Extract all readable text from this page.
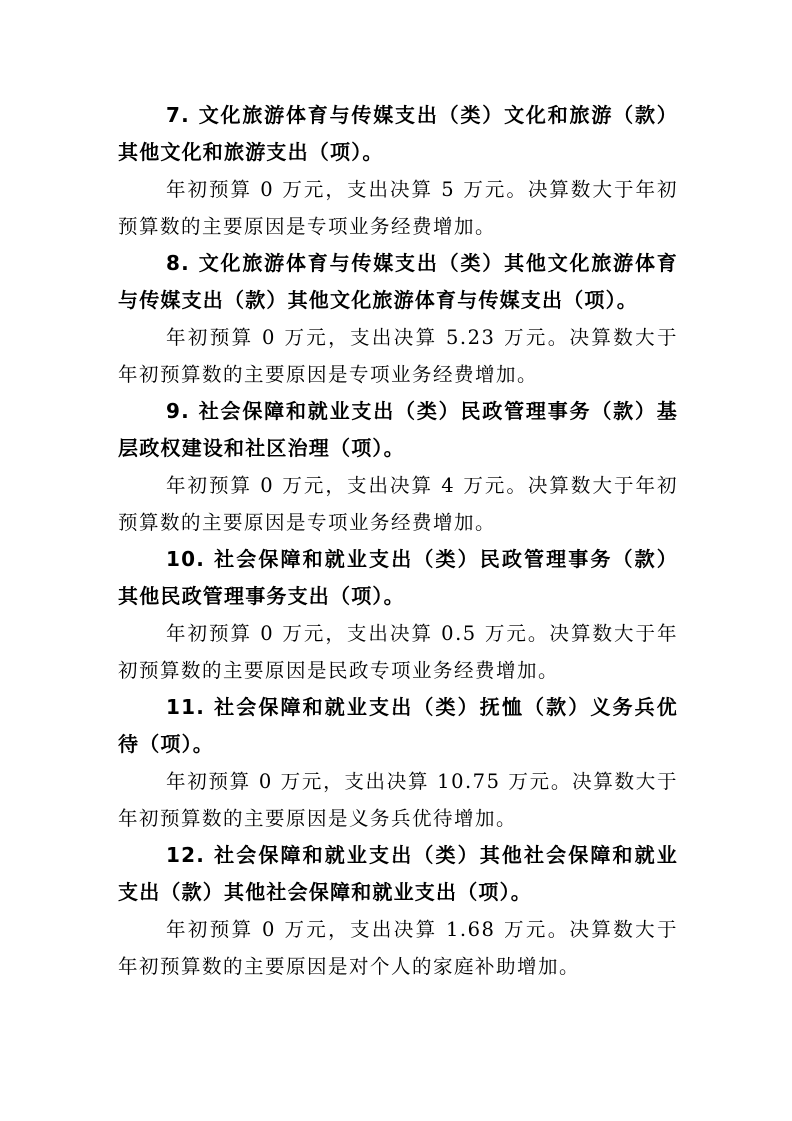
7. 文化旅游体育与传媒支出（类）文化和旅游（款）其他文化和旅游支出（项）。

年初预算 0 万元，支出决算 5 万元。决算数大于年初预算数的主要原因是专项业务经费增加。

8. 文化旅游体育与传媒支出（类）其他文化旅游体育与传媒支出（款）其他文化旅游体育与传媒支出（项）。

年初预算 0 万元，支出决算 5.23 万元。决算数大于年初预算数的主要原因是专项业务经费增加。

9. 社会保障和就业支出（类）民政管理事务（款）基层政权建设和社区治理（项）。

年初预算 0 万元，支出决算 4 万元。决算数大于年初预算数的主要原因是专项业务经费增加。

10. 社会保障和就业支出（类）民政管理事务（款）其他民政管理事务支出（项）。

年初预算 0 万元，支出决算 0.5 万元。决算数大于年初预算数的主要原因是民政专项业务经费增加。

11. 社会保障和就业支出（类）抚恤（款）义务兵优待（项）。

年初预算 0 万元，支出决算 10.75 万元。决算数大于年初预算数的主要原因是义务兵优待增加。

12. 社会保障和就业支出（类）其他社会保障和就业支出（款）其他社会保障和就业支出（项）。

年初预算 0 万元，支出决算 1.68 万元。决算数大于年初预算数的主要原因是对个人的家庭补助增加。
